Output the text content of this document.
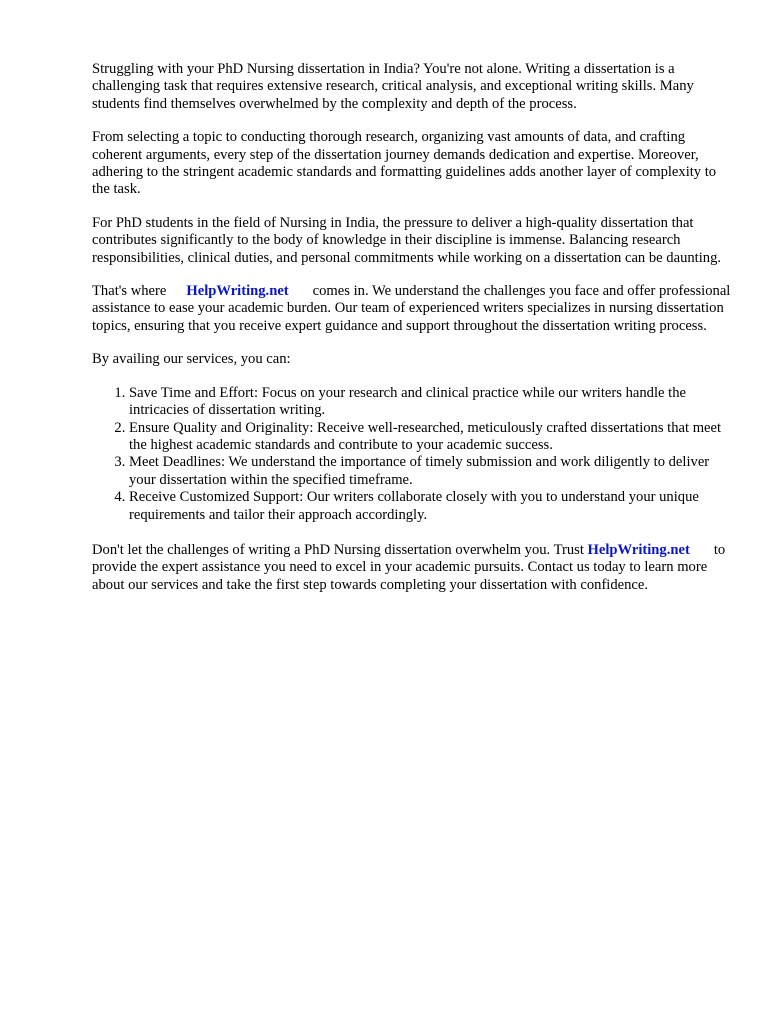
Struggling with your PhD Nursing dissertation in India? You're not alone. Writing a dissertation is a challenging task that requires extensive research, critical analysis, and exceptional writing skills. Many students find themselves overwhelmed by the complexity and depth of the process.

From selecting a topic to conducting thorough research, organizing vast amounts of data, and crafting coherent arguments, every step of the dissertation journey demands dedication and expertise. Moreover, adhering to the stringent academic standards and formatting guidelines adds another layer of complexity to the task.

For PhD students in the field of Nursing in India, the pressure to deliver a high-quality dissertation that contributes significantly to the body of knowledge in their discipline is immense. Balancing research responsibilities, clinical duties, and personal commitments while working on a dissertation can be daunting.

That's where HelpWriting.net comes in. We understand the challenges you face and offer professional assistance to ease your academic burden. Our team of experienced writers specializes in nursing dissertation topics, ensuring that you receive expert guidance and support throughout the dissertation writing process.

By availing our services, you can:

1. Save Time and Effort: Focus on your research and clinical practice while our writers handle the intricacies of dissertation writing.
2. Ensure Quality and Originality: Receive well-researched, meticulously crafted dissertations that meet the highest academic standards and contribute to your academic success.
3. Meet Deadlines: We understand the importance of timely submission and work diligently to deliver your dissertation within the specified timeframe.
4. Receive Customized Support: Our writers collaborate closely with you to understand your unique requirements and tailor their approach accordingly.

Don't let the challenges of writing a PhD Nursing dissertation overwhelm you. Trust HelpWriting.net to provide the expert assistance you need to excel in your academic pursuits. Contact us today to learn more about our services and take the first step towards completing your dissertation with confidence.
